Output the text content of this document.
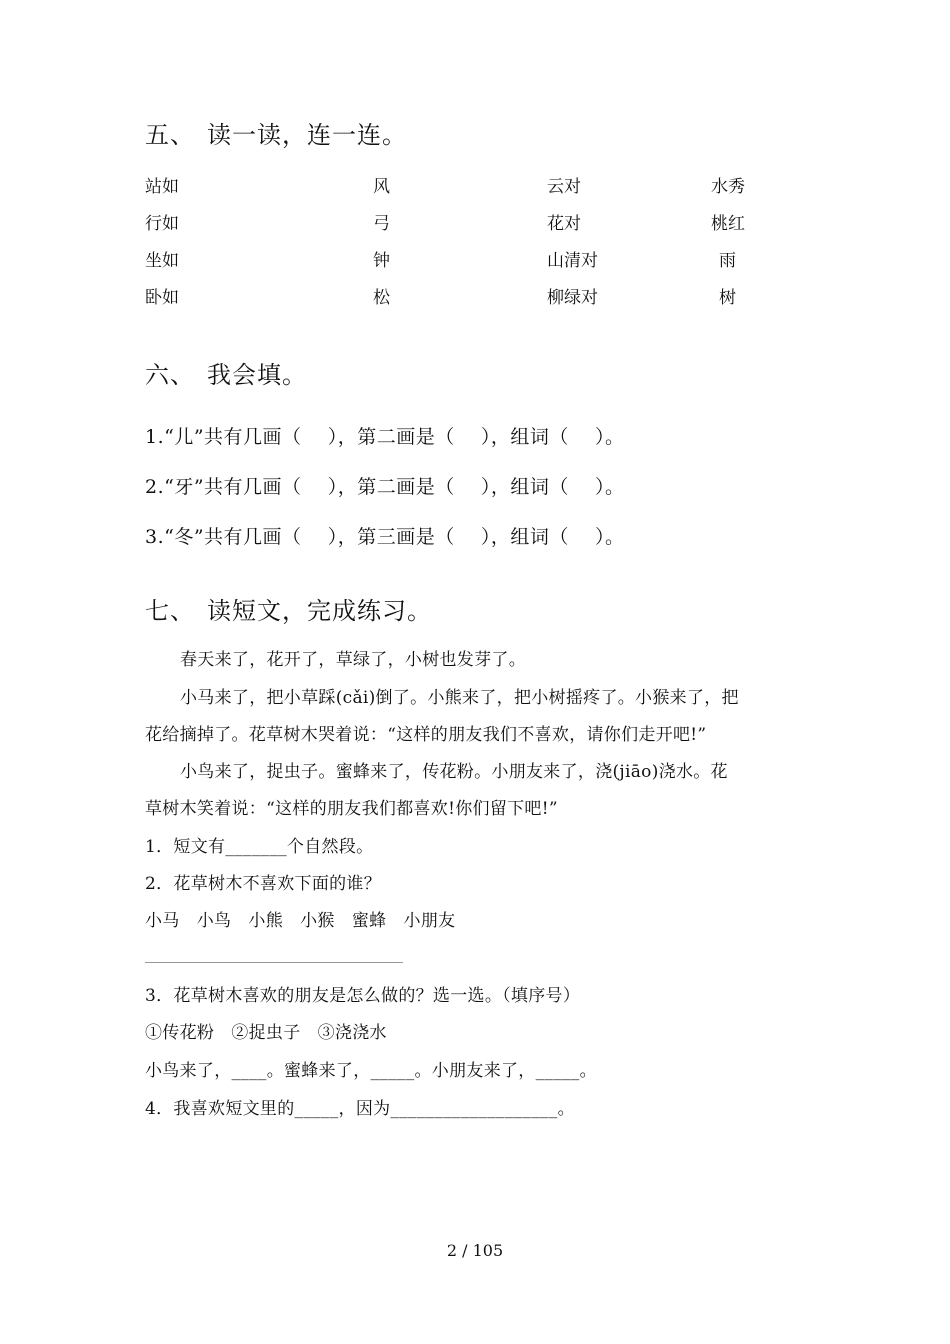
五、 读一读，连一连。
站如	风	云对	水秀
行如	弓	花对	桃红
坐如	钟	山清对	雨
卧如	松	柳绿对	树
六、 我会填。
1.“儿”共有几画（    ），第二画是（    ），组词（    ）。
2.“牙”共有几画（    ），第二画是（    ），组词（    ）。
3.“冬”共有几画（    ），第三画是（    ），组词（    ）。
七、 读短文，完成练习。
春天来了，花开了，草绿了，小树也发芽了。
小马来了，把小草踩(cǎi)倒了。小熊来了，把小树摇疼了。小猴来了，把
花给摘掉了。花草树木哭着说：“这样的朋友我们不喜欢，请你们走开吧!”
小鸟来了，捉虫子。蜜蜂来了，传花粉。小朋友来了，浇(jiāo)浇水。花
草树木笑着说：“这样的朋友我们都喜欢!你们留下吧!”
1．短文有_______个自然段。
2．花草树木不喜欢下面的谁？
小马   小鸟   小熊   小猴   蜜蜂   小朋友
3．花草树木喜欢的朋友是怎么做的？选一选。（填序号）
①传花粉   ②捉虫子   ③浇浇水
小鸟来了，____。蜜蜂来了，_____。小朋友来了，_____。
4．我喜欢短文里的_____，因为___________________。
2 / 105
